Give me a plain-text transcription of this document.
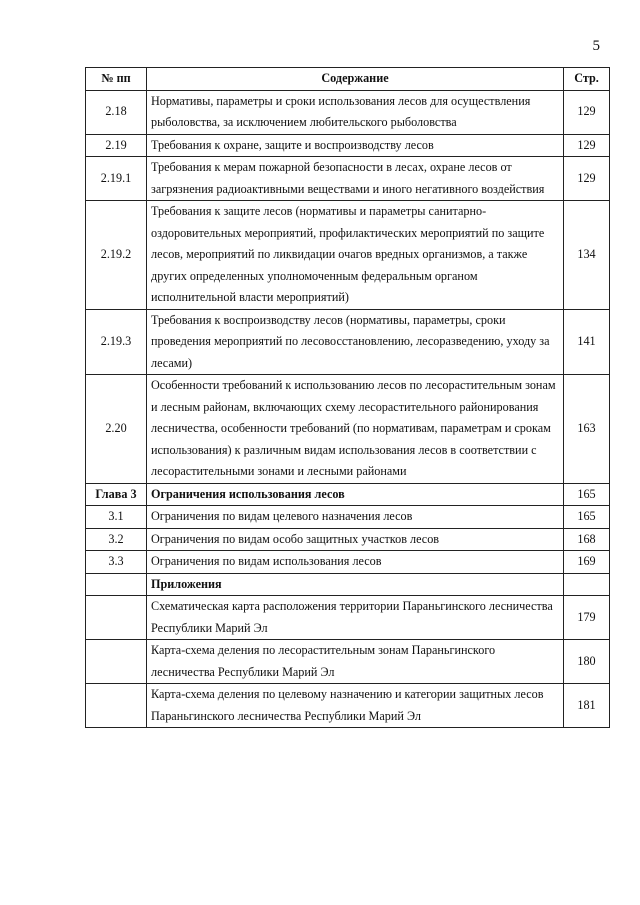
5
№ пп	Содержание	Стр.
2.18	Нормативы, параметры и сроки использования лесов для осуществления рыболовства, за исключением любительского рыболовства	129
2.19	Требования к охране, защите и воспроизводству лесов	129
2.19.1	Требования к мерам пожарной безопасности в лесах, охране лесов от загрязнения радиоактивными веществами и иного негативного воздействия	129
2.19.2	Требования к защите лесов (нормативы и параметры санитарно-оздоровительных мероприятий, профилактических мероприятий по защите лесов, мероприятий по ликвидации очагов вредных организмов, а также других определенных уполномоченным федеральным органом исполнительной власти мероприятий)	134
2.19.3	Требования к воспроизводству лесов (нормативы, параметры, сроки проведения мероприятий по лесовосстановлению, лесоразведению, уходу за лесами)	141
2.20	Особенности требований к использованию лесов по лесорастительным зонам и лесным районам, включающих схему лесорастительного районирования лесничества, особенности требований (по нормативам, параметрам и срокам использования) к различным видам использования лесов в соответствии с лесорастительными зонами и лесными районами	163
Глава 3	Ограничения использования лесов	165
3.1	Ограничения по видам целевого назначения лесов	165
3.2	Ограничения по видам особо защитных участков лесов	168
3.3	Ограничения по видам использования лесов	169
	Приложения	
	Схематическая карта расположения территории Параньгинского лесничества Республики Марий Эл	179
	Карта-схема деления по лесорастительным зонам Параньгинского лесничества Республики Марий Эл	180
	Карта-схема деления по целевому назначению и категории защитных лесов Параньгинского лесничества Республики Марий Эл	181
